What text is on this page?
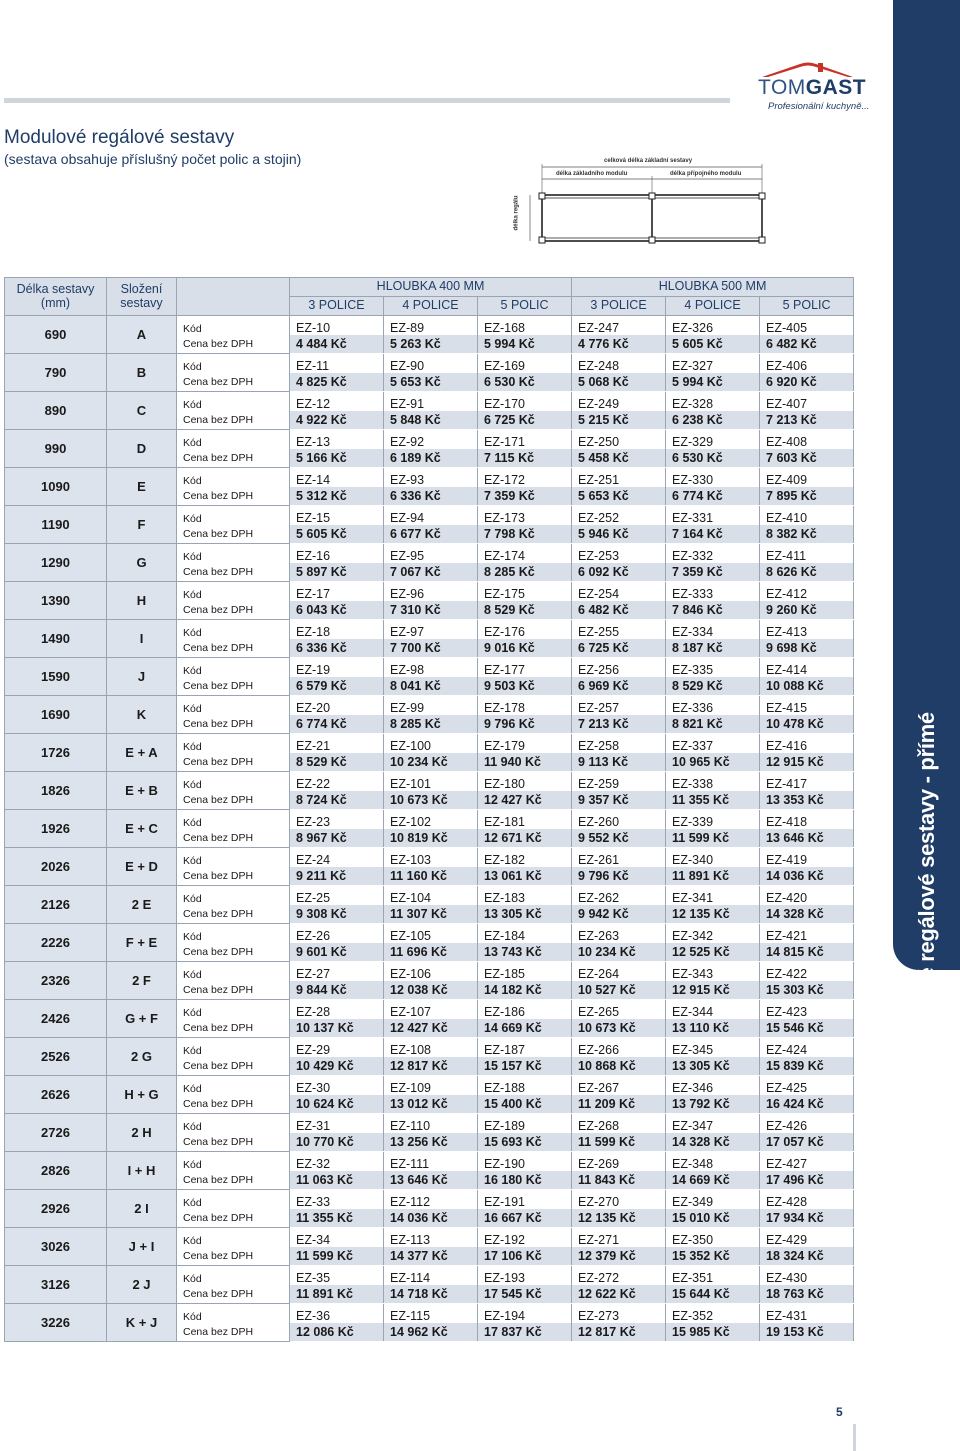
TOMGAST
Profesionální kuchyně...
Modulové regálové sestavy - přímé
Modulové regálové sestavy
(sestava obsahuje příslušný počet polic a stojin)	celková délka základní sestavy
délka základního modulu	délka přípojného modulu
délka regálu
Délka sestavy (mm)	Složení sestavy		HLOUBKA 400 MM			HLOUBKA 500 MM		
			3 POLICE	4 POLICE	5 POLIC	3 POLICE	4 POLICE	5 POLIC
690	A	Kód	EZ-10	EZ-89	EZ-168	EZ-247	EZ-326	EZ-405
		Cena bez DPH	4 484 Kč	5 263 Kč	5 994 Kč	4 776 Kč	5 605 Kč	6 482 Kč
790	B	Kód	EZ-11	EZ-90	EZ-169	EZ-248	EZ-327	EZ-406
		Cena bez DPH	4 825 Kč	5 653 Kč	6 530 Kč	5 068 Kč	5 994 Kč	6 920 Kč
890	C	Kód	EZ-12	EZ-91	EZ-170	EZ-249	EZ-328	EZ-407
		Cena bez DPH	4 922 Kč	5 848 Kč	6 725 Kč	5 215 Kč	6 238 Kč	7 213 Kč
990	D	Kód	EZ-13	EZ-92	EZ-171	EZ-250	EZ-329	EZ-408
		Cena bez DPH	5 166 Kč	6 189 Kč	7 115 Kč	5 458 Kč	6 530 Kč	7 603 Kč
1090	E	Kód	EZ-14	EZ-93	EZ-172	EZ-251	EZ-330	EZ-409
		Cena bez DPH	5 312 Kč	6 336 Kč	7 359 Kč	5 653 Kč	6 774 Kč	7 895 Kč
1190	F	Kód	EZ-15	EZ-94	EZ-173	EZ-252	EZ-331	EZ-410
		Cena bez DPH	5 605 Kč	6 677 Kč	7 798 Kč	5 946 Kč	7 164 Kč	8 382 Kč
1290	G	Kód	EZ-16	EZ-95	EZ-174	EZ-253	EZ-332	EZ-411
		Cena bez DPH	5 897 Kč	7 067 Kč	8 285 Kč	6 092 Kč	7 359 Kč	8 626 Kč
1390	H	Kód	EZ-17	EZ-96	EZ-175	EZ-254	EZ-333	EZ-412
		Cena bez DPH	6 043 Kč	7 310 Kč	8 529 Kč	6 482 Kč	7 846 Kč	9 260 Kč
1490	I	Kód	EZ-18	EZ-97	EZ-176	EZ-255	EZ-334	EZ-413
		Cena bez DPH	6 336 Kč	7 700 Kč	9 016 Kč	6 725 Kč	8 187 Kč	9 698 Kč
1590	J	Kód	EZ-19	EZ-98	EZ-177	EZ-256	EZ-335	EZ-414
		Cena bez DPH	6 579 Kč	8 041 Kč	9 503 Kč	6 969 Kč	8 529 Kč	10 088 Kč
1690	K	Kód	EZ-20	EZ-99	EZ-178	EZ-257	EZ-336	EZ-415
		Cena bez DPH	6 774 Kč	8 285 Kč	9 796 Kč	7 213 Kč	8 821 Kč	10 478 Kč
1726	E + A	Kód	EZ-21	EZ-100	EZ-179	EZ-258	EZ-337	EZ-416
		Cena bez DPH	8 529 Kč	10 234 Kč	11 940 Kč	9 113 Kč	10 965 Kč	12 915 Kč
1826	E + B	Kód	EZ-22	EZ-101	EZ-180	EZ-259	EZ-338	EZ-417
		Cena bez DPH	8 724 Kč	10 673 Kč	12 427 Kč	9 357 Kč	11 355 Kč	13 353 Kč
1926	E + C	Kód	EZ-23	EZ-102	EZ-181	EZ-260	EZ-339	EZ-418
		Cena bez DPH	8 967 Kč	10 819 Kč	12 671 Kč	9 552 Kč	11 599 Kč	13 646 Kč
2026	E + D	Kód	EZ-24	EZ-103	EZ-182	EZ-261	EZ-340	EZ-419
		Cena bez DPH	9 211 Kč	11 160 Kč	13 061 Kč	9 796 Kč	11 891 Kč	14 036 Kč
2126	2 E	Kód	EZ-25	EZ-104	EZ-183	EZ-262	EZ-341	EZ-420
		Cena bez DPH	9 308 Kč	11 307 Kč	13 305 Kč	9 942 Kč	12 135 Kč	14 328 Kč
2226	F + E	Kód	EZ-26	EZ-105	EZ-184	EZ-263	EZ-342	EZ-421
		Cena bez DPH	9 601 Kč	11 696 Kč	13 743 Kč	10 234 Kč	12 525 Kč	14 815 Kč
2326	2 F	Kód	EZ-27	EZ-106	EZ-185	EZ-264	EZ-343	EZ-422
		Cena bez DPH	9 844 Kč	12 038 Kč	14 182 Kč	10 527 Kč	12 915 Kč	15 303 Kč
2426	G + F	Kód	EZ-28	EZ-107	EZ-186	EZ-265	EZ-344	EZ-423
		Cena bez DPH	10 137 Kč	12 427 Kč	14 669 Kč	10 673 Kč	13 110 Kč	15 546 Kč
2526	2 G	Kód	EZ-29	EZ-108	EZ-187	EZ-266	EZ-345	EZ-424
		Cena bez DPH	10 429 Kč	12 817 Kč	15 157 Kč	10 868 Kč	13 305 Kč	15 839 Kč
2626	H + G	Kód	EZ-30	EZ-109	EZ-188	EZ-267	EZ-346	EZ-425
		Cena bez DPH	10 624 Kč	13 012 Kč	15 400 Kč	11 209 Kč	13 792 Kč	16 424 Kč
2726	2 H	Kód	EZ-31	EZ-110	EZ-189	EZ-268	EZ-347	EZ-426
		Cena bez DPH	10 770 Kč	13 256 Kč	15 693 Kč	11 599 Kč	14 328 Kč	17 057 Kč
2826	I + H	Kód	EZ-32	EZ-111	EZ-190	EZ-269	EZ-348	EZ-427
		Cena bez DPH	11 063 Kč	13 646 Kč	16 180 Kč	11 843 Kč	14 669 Kč	17 496 Kč
2926	2 I	Kód	EZ-33	EZ-112	EZ-191	EZ-270	EZ-349	EZ-428
		Cena bez DPH	11 355 Kč	14 036 Kč	16 667 Kč	12 135 Kč	15 010 Kč	17 934 Kč
3026	J + I	Kód	EZ-34	EZ-113	EZ-192	EZ-271	EZ-350	EZ-429
		Cena bez DPH	11 599 Kč	14 377 Kč	17 106 Kč	12 379 Kč	15 352 Kč	18 324 Kč
3126	2 J	Kód	EZ-35	EZ-114	EZ-193	EZ-272	EZ-351	EZ-430
		Cena bez DPH	11 891 Kč	14 718 Kč	17 545 Kč	12 622 Kč	15 644 Kč	18 763 Kč
3226	K + J	Kód	EZ-36	EZ-115	EZ-194	EZ-273	EZ-352	EZ-431
		Cena bez DPH	12 086 Kč	14 962 Kč	17 837 Kč	12 817 Kč	15 985 Kč	19 153 Kč
5
